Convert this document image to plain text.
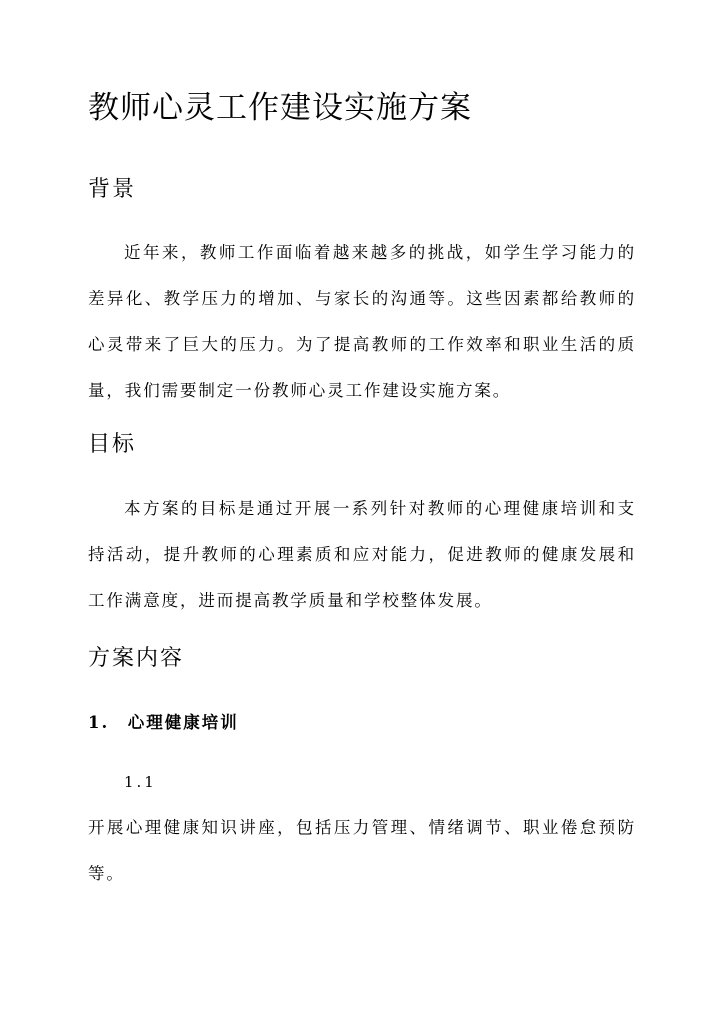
教师心灵工作建设实施方案
背景

近年来，教师工作面临着越来越多的挑战，如学生学习能力的差异化、教学压力的增加、与家长的沟通等。这些因素都给教师的心灵带来了巨大的压力。为了提高教师的工作效率和职业生活的质量，我们需要制定一份教师心灵工作建设实施方案。

目标

本方案的目标是通过开展一系列针对教师的心理健康培训和支持活动，提升教师的心理素质和应对能力，促进教师的健康发展和工作满意度，进而提高教学质量和学校整体发展。

方案内容
1.　心理健康培训
1.1

开展心理健康知识讲座，包括压力管理、情绪调节、职业倦怠预防等。
